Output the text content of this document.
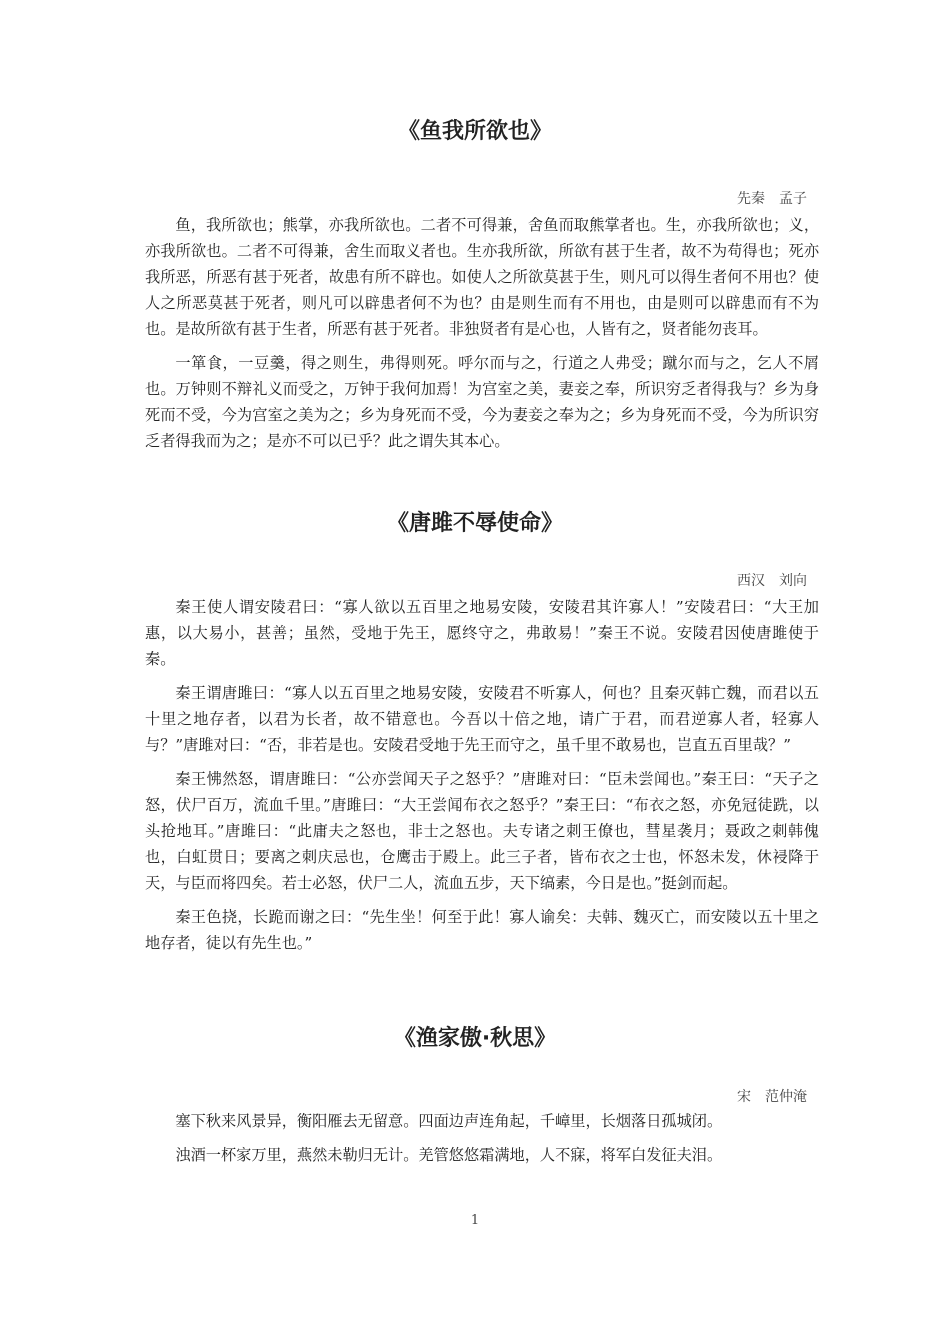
《鱼我所欲也》
先秦　孟子

鱼，我所欲也；熊掌，亦我所欲也。二者不可得兼，舍鱼而取熊掌者也。生，亦我所欲也；义，亦我所欲也。二者不可得兼，舍生而取义者也。生亦我所欲，所欲有甚于生者，故不为苟得也；死亦我所恶，所恶有甚于死者，故患有所不辟也。如使人之所欲莫甚于生，则凡可以得生者何不用也？使人之所恶莫甚于死者，则凡可以辟患者何不为也？由是则生而有不用也，由是则可以辟患而有不为也。是故所欲有甚于生者，所恶有甚于死者。非独贤者有是心也，人皆有之，贤者能勿丧耳。

一箪食，一豆羹，得之则生，弗得则死。呼尔而与之，行道之人弗受；蹴尔而与之，乞人不屑也。万钟则不辩礼义而受之，万钟于我何加焉！为宫室之美，妻妾之奉，所识穷乏者得我与？乡为身死而不受，今为宫室之美为之；乡为身死而不受，今为妻妾之奉为之；乡为身死而不受，今为所识穷乏者得我而为之；是亦不可以已乎？此之谓失其本心。

《唐雎不辱使命》
西汉　刘向

秦王使人谓安陵君曰：“寡人欲以五百里之地易安陵，安陵君其许寡人！”安陵君曰：“大王加惠，以大易小，甚善；虽然，受地于先王，愿终守之，弗敢易！”秦王不说。安陵君因使唐雎使于秦。

秦王谓唐雎曰：“寡人以五百里之地易安陵，安陵君不听寡人，何也？且秦灭韩亡魏，而君以五十里之地存者，以君为长者，故不错意也。今吾以十倍之地，请广于君，而君逆寡人者，轻寡人与？”唐雎对曰：“否，非若是也。安陵君受地于先王而守之，虽千里不敢易也，岂直五百里哉？”

秦王怫然怒，谓唐雎曰：“公亦尝闻天子之怒乎？”唐雎对曰：“臣未尝闻也。”秦王曰：“天子之怒，伏尸百万，流血千里。”唐雎曰：“大王尝闻布衣之怒乎？”秦王曰：“布衣之怒，亦免冠徒跣，以头抢地耳。”唐雎曰：“此庸夫之怒也，非士之怒也。夫专诸之刺王僚也，彗星袭月；聂政之刺韩傀也，白虹贯日；要离之刺庆忌也，仓鹰击于殿上。此三子者，皆布衣之士也，怀怒未发，休祲降于天，与臣而将四矣。若士必怒，伏尸二人，流血五步，天下缟素，今日是也。”挺剑而起。

秦王色挠，长跪而谢之曰：“先生坐！何至于此！寡人谕矣：夫韩、魏灭亡，而安陵以五十里之地存者，徒以有先生也。”

《渔家傲·秋思》
宋　范仲淹

塞下秋来风景异，衡阳雁去无留意。四面边声连角起，千嶂里，长烟落日孤城闭。

浊酒一杯家万里，燕然未勒归无计。羌管悠悠霜满地，人不寐，将军白发征夫泪。

1
